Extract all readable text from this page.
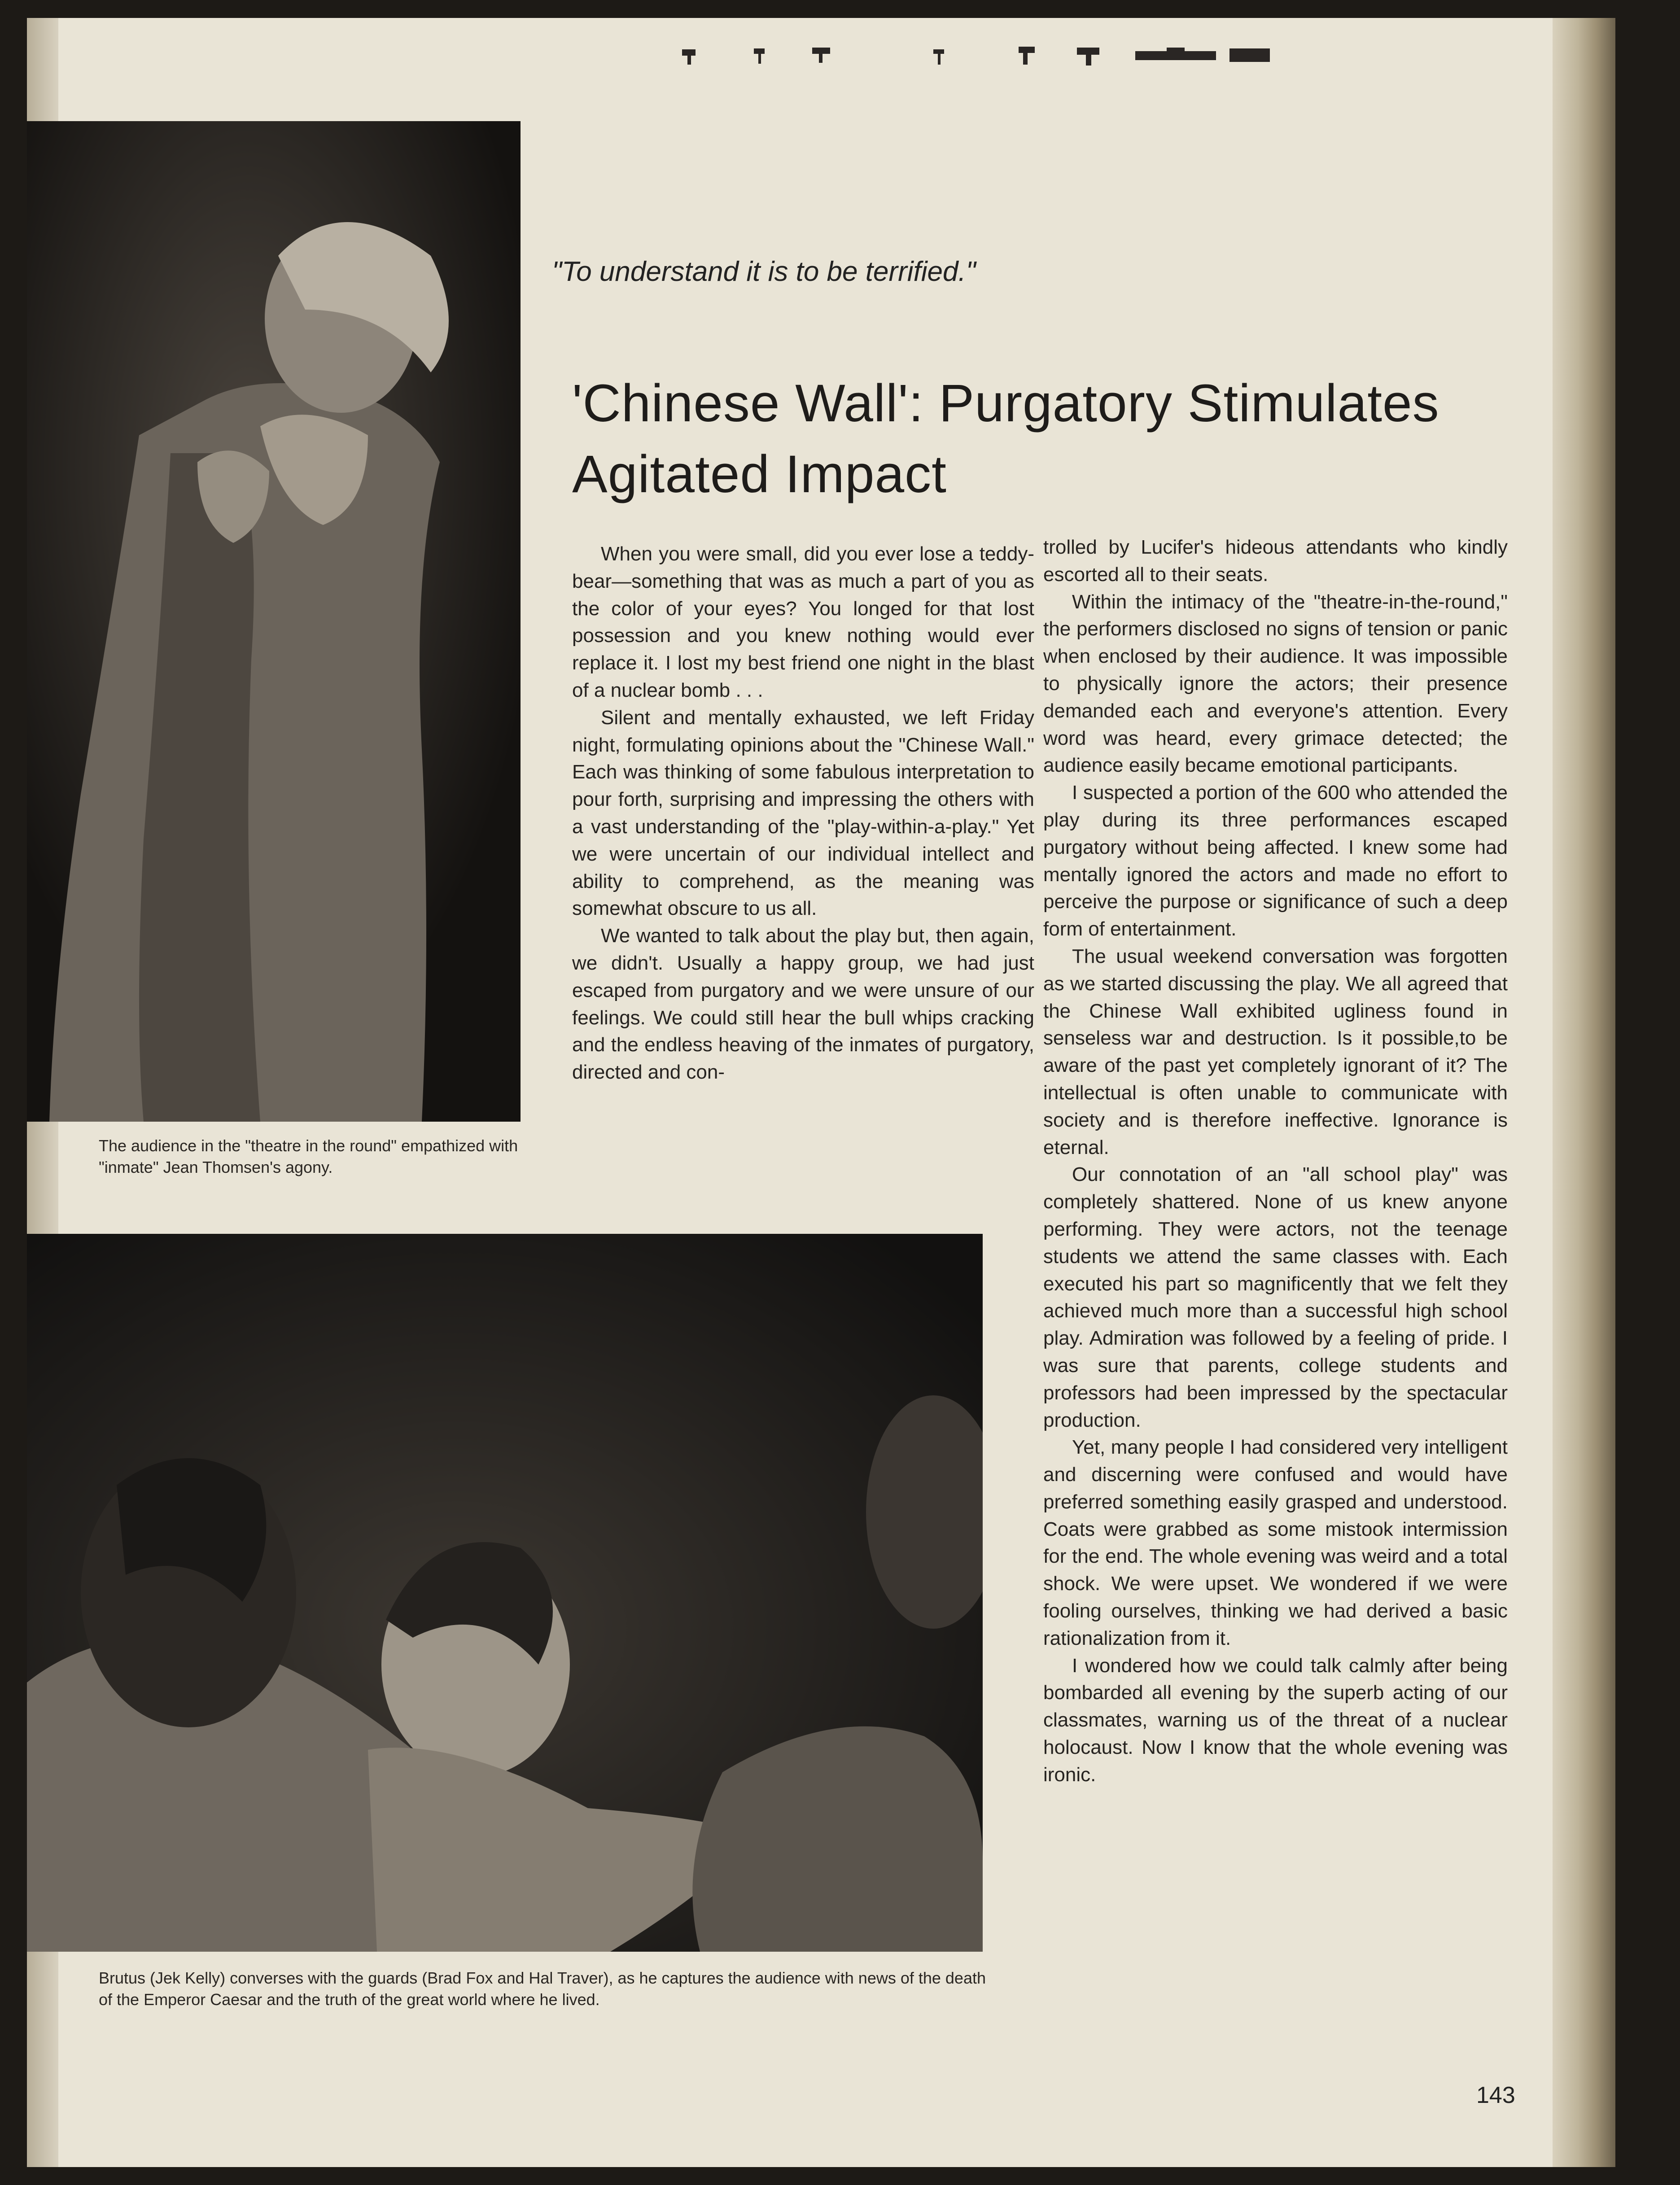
The audience in the "theatre in the round" empathized with "inmate" Jean Thomsen's agony.
"To understand it is to be terrified."
'Chinese Wall': Purgatory Stimulates Agitated Impact

When you were small, did you ever lose a teddy-bear—something that was as much a part of you as the color of your eyes? You longed for that lost possession and you knew nothing would ever replace it. I lost my best friend one night in the blast of a nuclear bomb . . .

Silent and mentally exhausted, we left Friday night, formulating opinions about the "Chinese Wall." Each was thinking of some fabulous interpretation to pour forth, surprising and impressing the others with a vast understanding of the "play-within-a-play." Yet we were uncertain of our individual intellect and ability to comprehend, as the meaning was somewhat obscure to us all.

We wanted to talk about the play but, then again, we didn't. Usually a happy group, we had just escaped from purgatory and we were unsure of our feelings. We could still hear the bull whips cracking and the endless heaving of the inmates of purgatory, directed and con-

trolled by Lucifer's hideous attendants who kindly escorted all to their seats.

Within the intimacy of the "theatre-in-the-round," the performers disclosed no signs of tension or panic when enclosed by their audience. It was impossible to physically ignore the actors; their presence demanded each and everyone's attention. Every word was heard, every grimace detected; the audience easily became emotional participants.

I suspected a portion of the 600 who attended the play during its three performances escaped purgatory without being affected. I knew some had mentally ignored the actors and made no effort to perceive the purpose or significance of such a deep form of entertainment.

The usual weekend conversation was forgotten as we started discussing the play. We all agreed that the Chinese Wall exhibited ugliness found in senseless war and destruction. Is it possible,to be aware of the past yet completely ignorant of it? The intellectual is often unable to communicate with society and is therefore ineffective. Ignorance is eternal.

Our connotation of an "all school play" was completely shattered. None of us knew anyone performing. They were actors, not the teenage students we attend the same classes with. Each executed his part so magnificently that we felt they achieved much more than a successful high school play. Admiration was followed by a feeling of pride. I was sure that parents, college students and professors had been impressed by the spectacular production.

Yet, many people I had considered very intelligent and discerning were confused and would have preferred something easily grasped and understood. Coats were grabbed as some mistook intermission for the end. The whole evening was weird and a total shock. We were upset. We wondered if we were fooling ourselves, thinking we had derived a basic rationalization from it.

I wondered how we could talk calmly after being bombarded all evening by the superb acting of our classmates, warning us of the threat of a nuclear holocaust. Now I know that the whole evening was ironic.

Brutus (Jek Kelly) converses with the guards (Brad Fox and Hal Traver), as he captures the audience with news of the death of the Emperor Caesar and the truth of the great world where he lived.
143
